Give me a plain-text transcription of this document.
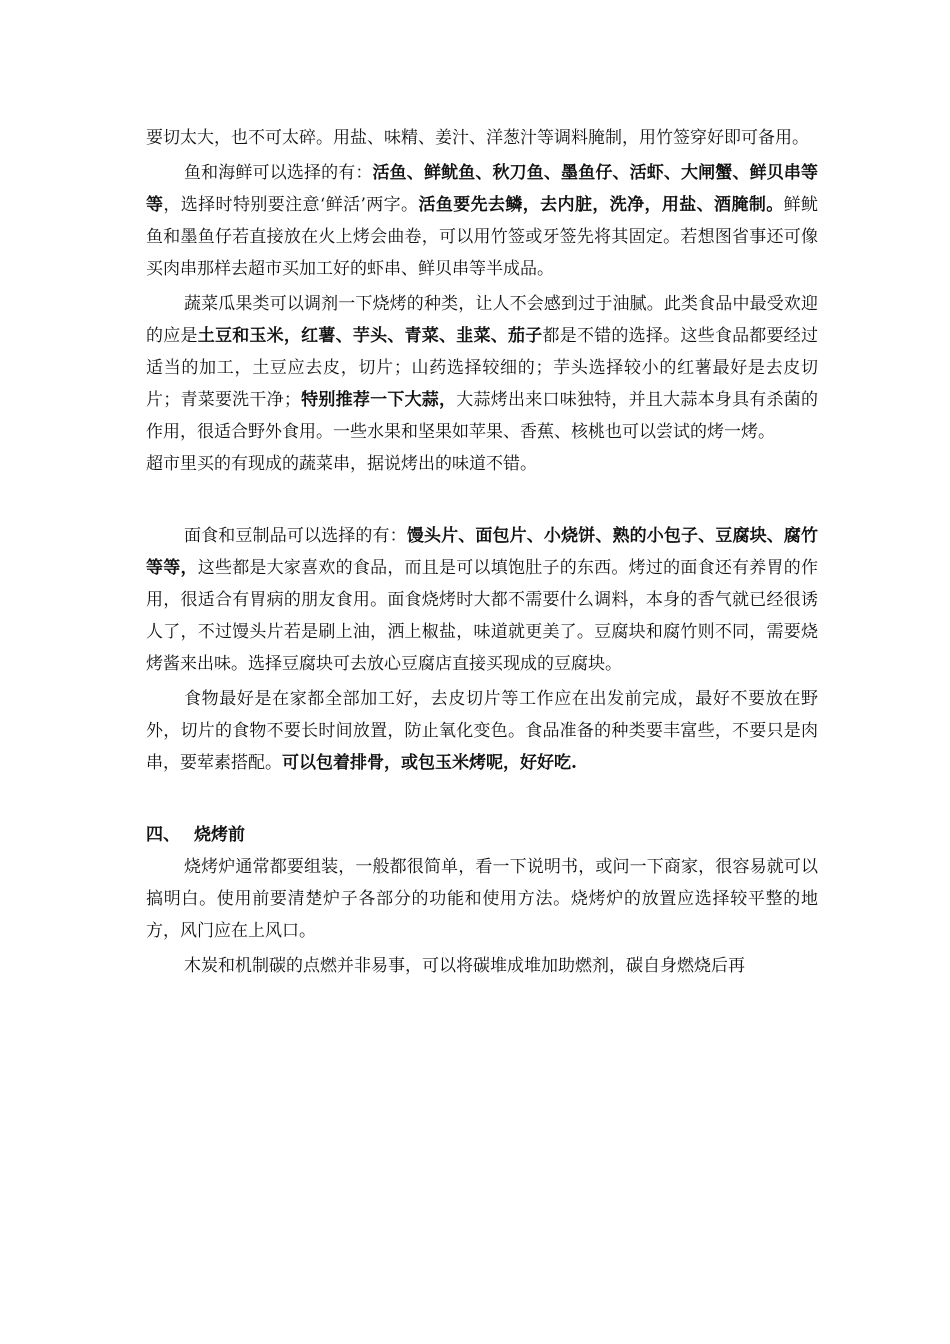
要切太大，也不可太碎。用盐、味精、姜汁、洋葱汁等调料腌制，用竹签穿好即可备用。

鱼和海鲜可以选择的有：活鱼、鲜鱿鱼、秋刀鱼、墨鱼仔、活虾、大闸蟹、鲜贝串等等，选择时特别要注意‘鲜活’两字。活鱼要先去鳞，去内脏，洗净，用盐、酒腌制。鲜鱿鱼和墨鱼仔若直接放在火上烤会曲卷，可以用竹签或牙签先将其固定。若想图省事还可像买肉串那样去超市买加工好的虾串、鲜贝串等半成品。

蔬菜瓜果类可以调剂一下烧烤的种类，让人不会感到过于油腻。此类食品中最受欢迎的应是土豆和玉米，红薯、芋头、青菜、韭菜、茄子都是不错的选择。这些食品都要经过适当的加工，土豆应去皮，切片；山药选择较细的；芋头选择较小的红薯最好是去皮切片；青菜要洗干净；特别推荐一下大蒜，大蒜烤出来口味独特，并且大蒜本身具有杀菌的作用，很适合野外食用。一些水果和坚果如苹果、香蕉、核桃也可以尝试的烤一烤。

超市里买的有现成的蔬菜串，据说烤出的味道不错。

面食和豆制品可以选择的有：馒头片、面包片、小烧饼、熟的小包子、豆腐块、腐竹等等，这些都是大家喜欢的食品，而且是可以填饱肚子的东西。烤过的面食还有养胃的作用，很适合有胃病的朋友食用。面食烧烤时大都不需要什么调料，本身的香气就已经很诱人了，不过馒头片若是刷上油，洒上椒盐，味道就更美了。豆腐块和腐竹则不同，需要烧烤酱来出味。选择豆腐块可去放心豆腐店直接买现成的豆腐块。

食物最好是在家都全部加工好，去皮切片等工作应在出发前完成，最好不要放在野外，切片的食物不要长时间放置，防止氧化变色。食品准备的种类要丰富些，不要只是肉串，要荤素搭配。可以包着排骨，或包玉米烤呢，好好吃.

四、 烧烤前

烧烤炉通常都要组装，一般都很简单，看一下说明书，或问一下商家，很容易就可以搞明白。使用前要清楚炉子各部分的功能和使用方法。烧烤炉的放置应选择较平整的地方，风门应在上风口。

木炭和机制碳的点燃并非易事，可以将碳堆成堆加助燃剂，碳自身燃烧后再
